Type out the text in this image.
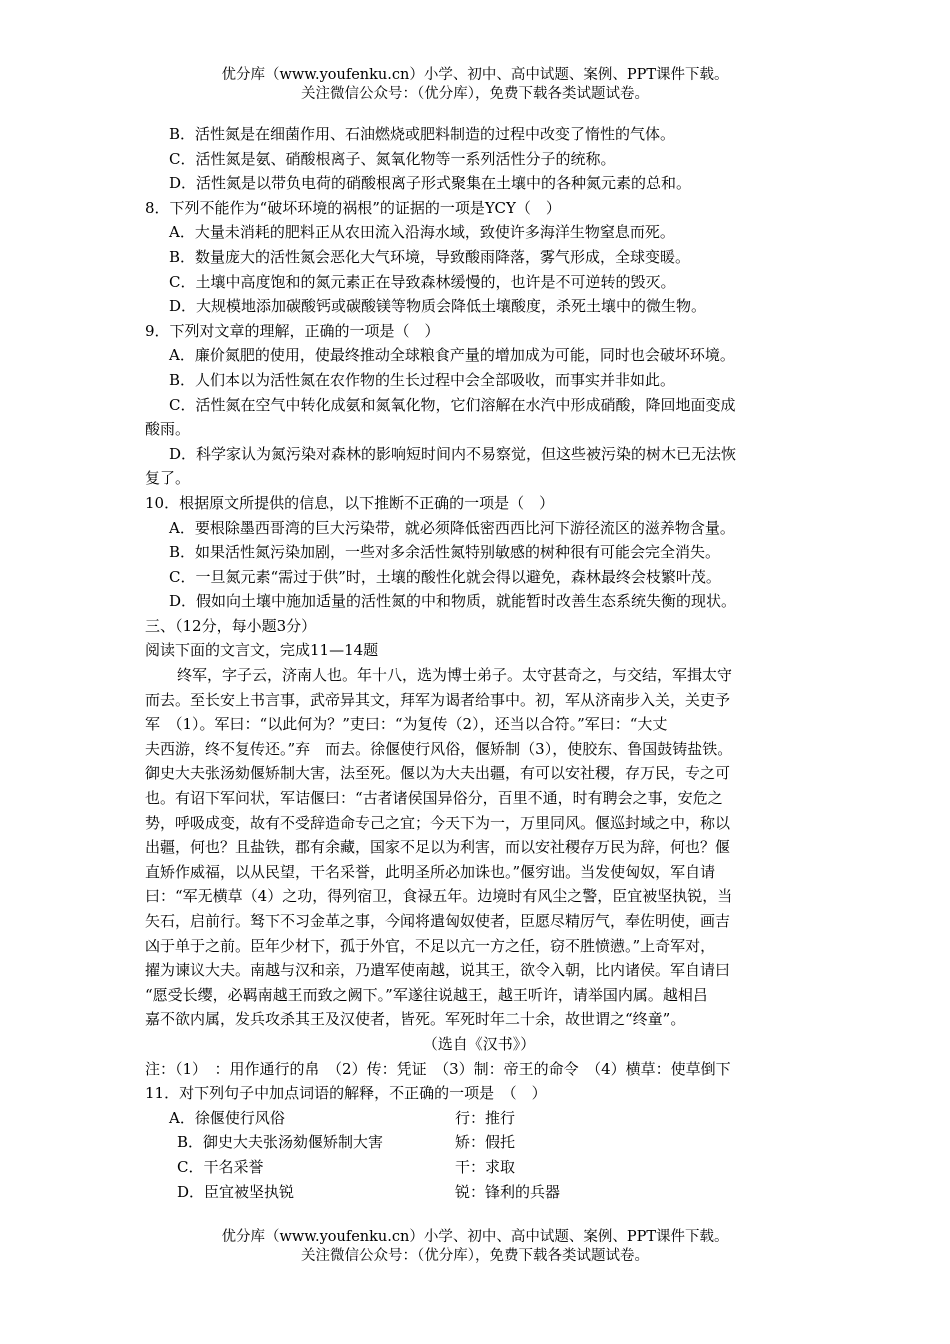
优分库（www.youfenku.cn）小学、初中、高中试题、案例、PPT课件下载。
关注微信公众号：（优分库），免费下载各类试题试卷。

B．活性氮是在细菌作用、石油燃烧或肥料制造的过程中改变了惰性的气体。

C．活性氮是氨、硝酸根离子、氮氧化物等一系列活性分子的统称。

D．活性氮是以带负电荷的硝酸根离子形式聚集在土壤中的各种氮元素的总和。

8．下列不能作为“破坏环境的祸根”的证据的一项是YCY（　）

A．大量未消耗的肥料正从农田流入沿海水域，致使许多海洋生物窒息而死。

B．数量庞大的活性氮会恶化大气环境，导致酸雨降落，雾气形成，全球变暖。

C．土壤中高度饱和的氮元素正在导致森林缓慢的，也许是不可逆转的毁灭。

D．大规模地添加碳酸钙或碳酸镁等物质会降低土壤酸度，杀死土壤中的微生物。

9．下列对文章的理解，正确的一项是（　）

A．廉价氮肥的使用，使最终推动全球粮食产量的增加成为可能，同时也会破坏环境。

B．人们本以为活性氮在农作物的生长过程中会全部吸收，而事实并非如此。

C．活性氮在空气中转化成氨和氮氧化物，它们溶解在水汽中形成硝酸，降回地面变成

酸雨。

D．科学家认为氮污染对森林的影响短时间内不易察觉，但这些被污染的树木已无法恢

复了。

10．根据原文所提供的信息，以下推断不正确的一项是（　）

A．要根除墨西哥湾的巨大污染带，就必须降低密西西比河下游径流区的滋养物含量。

B．如果活性氮污染加剧，一些对多余活性氮特别敏感的树种很有可能会完全消失。

C．一旦氮元素“需过于供”时，土壤的酸性化就会得以避免，森林最终会枝繁叶茂。

D．假如向土壤中施加适量的活性氮的中和物质，就能暂时改善生态系统失衡的现状。

三、（12分，每小题3分）

阅读下面的文言文，完成11—14题

终军，字子云，济南人也。年十八，选为博士弟子。太守甚奇之，与交结，军揖太守

而去。至长安上书言事，武帝异其文，拜军为谒者给事中。初，军从济南步入关，关吏予

军　（1）。军曰：“以此何为？”吏曰：“为复传（2），还当以合符。”军曰：“大丈

夫西游，终不复传还。”弃　而去。徐偃使行风俗，偃矫制（3），使胶东、鲁国鼓铸盐铁。

御史大夫张汤劾偃矫制大害，法至死。偃以为大夫出疆，有可以安社稷，存万民，专之可

也。有诏下军问状，军诘偃曰：“古者诸侯国异俗分，百里不通，时有聘会之事，安危之

势，呼吸成变，故有不受辞造命专己之宜；今天下为一，万里同风。偃巡封域之中，称以

出疆，何也？且盐铁，郡有余藏，国家不足以为利害，而以安社稷存万民为辞，何也？偃

直矫作威福，以从民望，干名采誉，此明圣所必加诛也。”偃穷诎。当发使匈奴，军自请

曰：“军无横草（4）之功，得列宿卫，食禄五年。边境时有风尘之警，臣宜被坚执锐，当

矢石，启前行。驽下不习金革之事，今闻将遣匈奴使者，臣愿尽精厉气，奉佐明使，画吉

凶于单于之前。臣年少材下，孤于外官，不足以亢一方之任，窃不胜愤懑。”上奇军对，

擢为谏议大夫。南越与汉和亲，乃遣军使南越，说其王，欲令入朝，比内诸侯。军自请曰

“愿受长缨，必羁南越王而致之阙下。”军遂往说越王，越王听许，请举国内属。越相吕

嘉不欲内属，发兵攻杀其王及汉使者，皆死。军死时年二十余，故世谓之“终童”。

（选自《汉书》）

注：（1）　：用作通行的帛　（2）传：凭证　（3）制：帝王的命令　（4）横草：使草倒下

11．对下列句子中加点词语的解释，不正确的一项是　（　）

A．徐偃使行风俗	行：推行
B．御史大夫张汤劾偃矫制大害	矫：假托
C．干名采誉	干：求取
D．臣宜被坚执锐	锐：锋利的兵器
优分库（www.youfenku.cn）小学、初中、高中试题、案例、PPT课件下载。
关注微信公众号：（优分库），免费下载各类试题试卷。
